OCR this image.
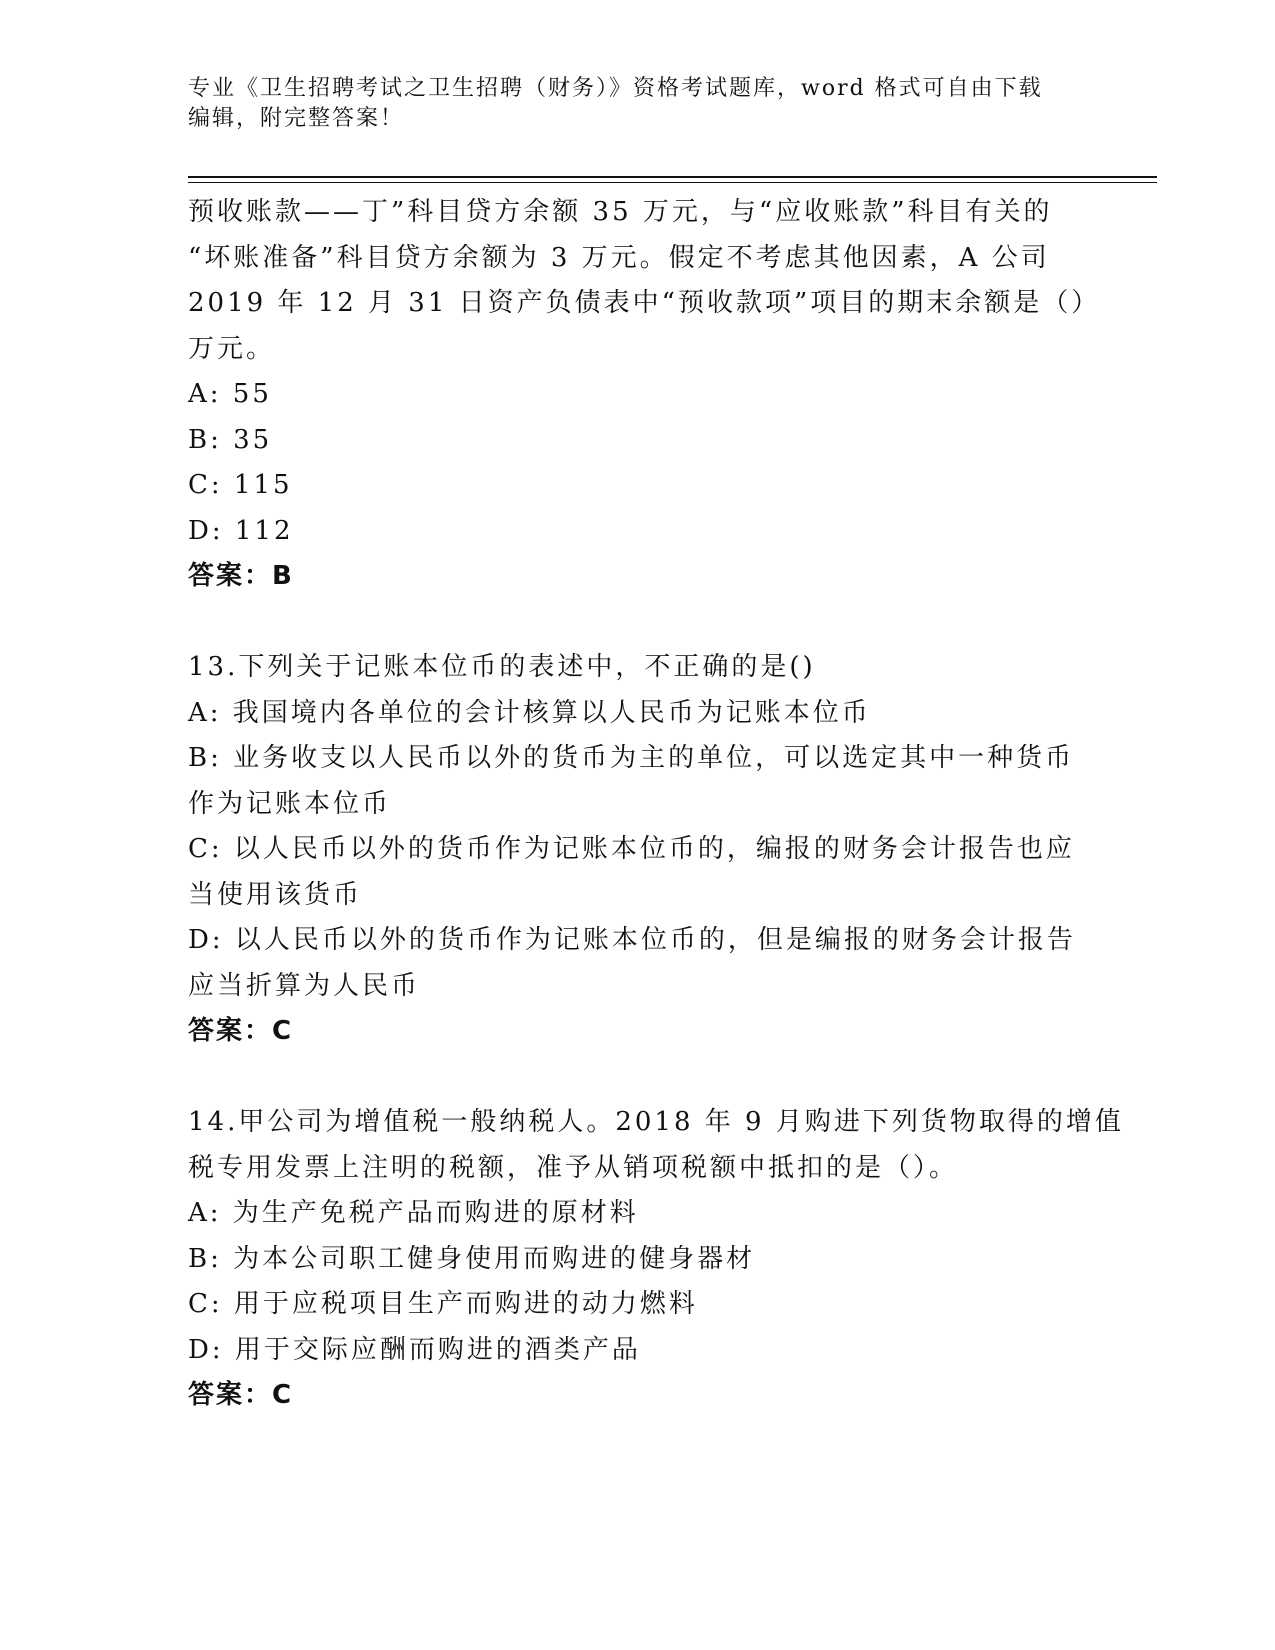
专业《卫生招聘考试之卫生招聘（财务）》资格考试题库，word 格式可自由下载
编辑，附完整答案！
预收账款——丁”科目贷方余额 35 万元，与“应收账款”科目有关的
“坏账准备”科目贷方余额为 3 万元。假定不考虑其他因素，A 公司
2019 年 12 月 31 日资产负债表中“预收款项”项目的期末余额是（）
万元。
A: 55
B: 35
C: 115
D: 112
答案：B
13.下列关于记账本位币的表述中，不正确的是()
A: 我国境内各单位的会计核算以人民币为记账本位币
B: 业务收支以人民币以外的货币为主的单位，可以选定其中一种货币
作为记账本位币
C: 以人民币以外的货币作为记账本位币的，编报的财务会计报告也应
当使用该货币
D: 以人民币以外的货币作为记账本位币的，但是编报的财务会计报告
应当折算为人民币
答案：C
14.甲公司为增值税一般纳税人。2018 年 9 月购进下列货物取得的增值
税专用发票上注明的税额，准予从销项税额中抵扣的是（）。
A: 为生产免税产品而购进的原材料
B: 为本公司职工健身使用而购进的健身器材
C: 用于应税项目生产而购进的动力燃料
D: 用于交际应酬而购进的酒类产品
答案：C
